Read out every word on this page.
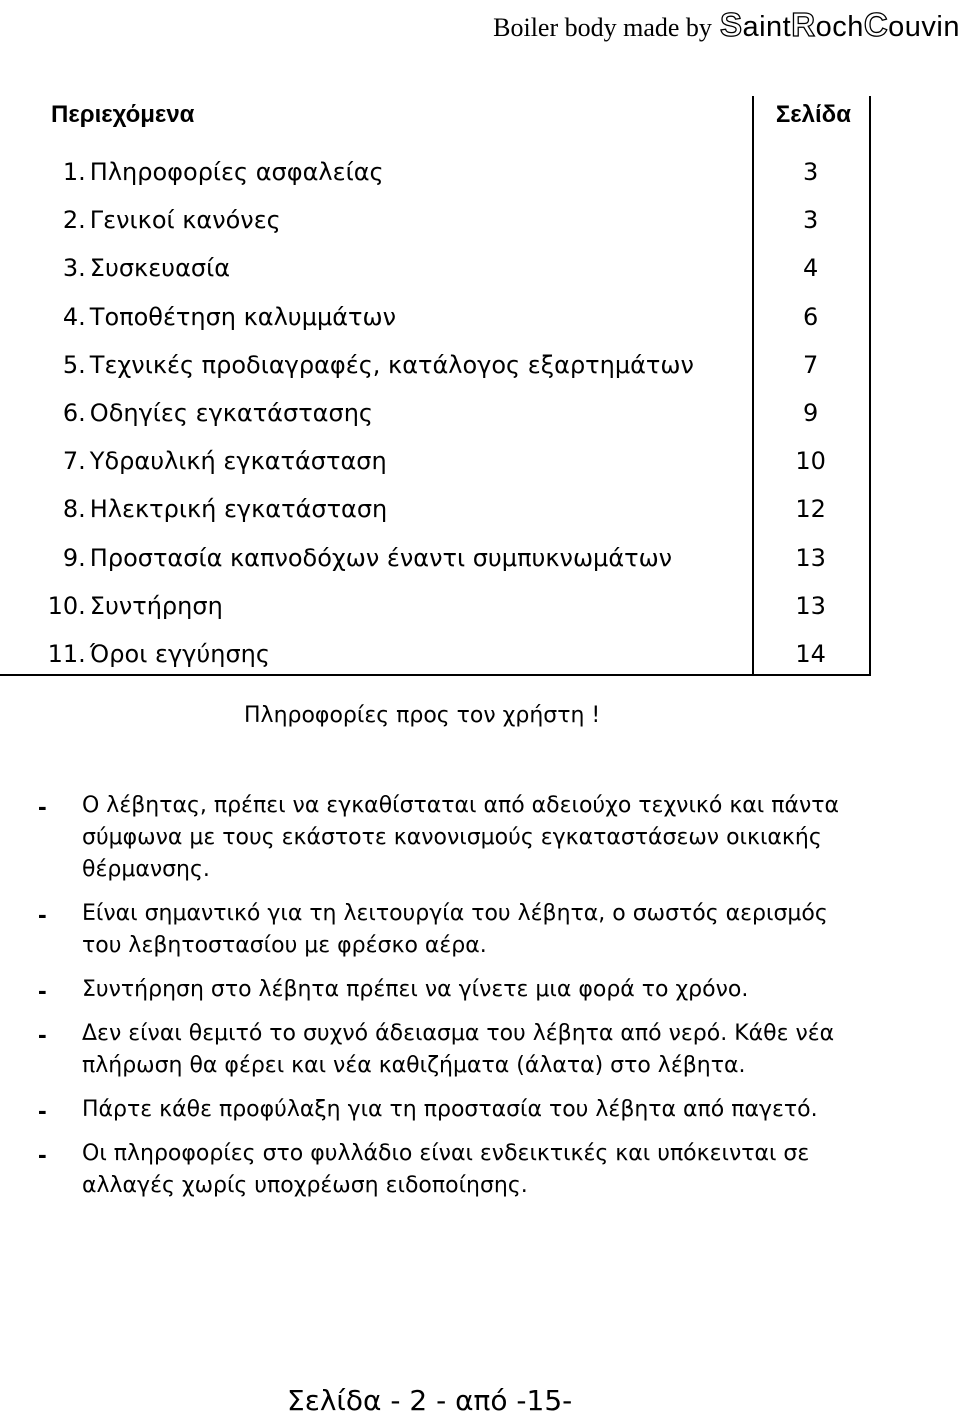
Boiler body made by SaintRochCouvin
Περιεχόμενα	Σελίδα
1. Πληροφορίες ασφαλείας	3
2. Γενικοί κανόνες	3
3. Συσκευασία	4
4. Τοποθέτηση καλυμμάτων	6
5. Τεχνικές προδιαγραφές, κατάλογος εξαρτημάτων	7
6. Οδηγίες εγκατάστασης	9
7. Υδραυλική εγκατάσταση	10
8. Ηλεκτρική εγκατάσταση	12
9. Προστασία καπνοδόχων έναντι συμπυκνωμάτων	13
10. Συντήρηση	13
11. Όροι εγγύησης	14
Πληροφορίες προς τον χρήστη !
-	Ο λέβητας, πρέπει να εγκαθίσταται από αδειούχο τεχνικό και πάντα σύμφωνα με τους εκάστοτε κανονισμούς εγκαταστάσεων οικιακής θέρμανσης.
-	Είναι σημαντικό για τη λειτουργία του λέβητα, ο σωστός αερισμός του λεβητοστασίου με φρέσκο αέρα.
-	Συντήρηση στο λέβητα πρέπει να γίνετε μια φορά το χρόνο.
-	Δεν είναι θεμιτό το συχνό άδειασμα του λέβητα από νερό. Κάθε νέα πλήρωση θα φέρει και νέα καθιζήματα (άλατα) στο λέβητα.
-	Πάρτε κάθε προφύλαξη για τη προστασία του λέβητα από παγετό.
-	Οι πληροφορίες στο φυλλάδιο είναι ενδεικτικές και υπόκεινται σε αλλαγές χωρίς υποχρέωση ειδοποίησης.
Σελίδα - 2 - από -15-
